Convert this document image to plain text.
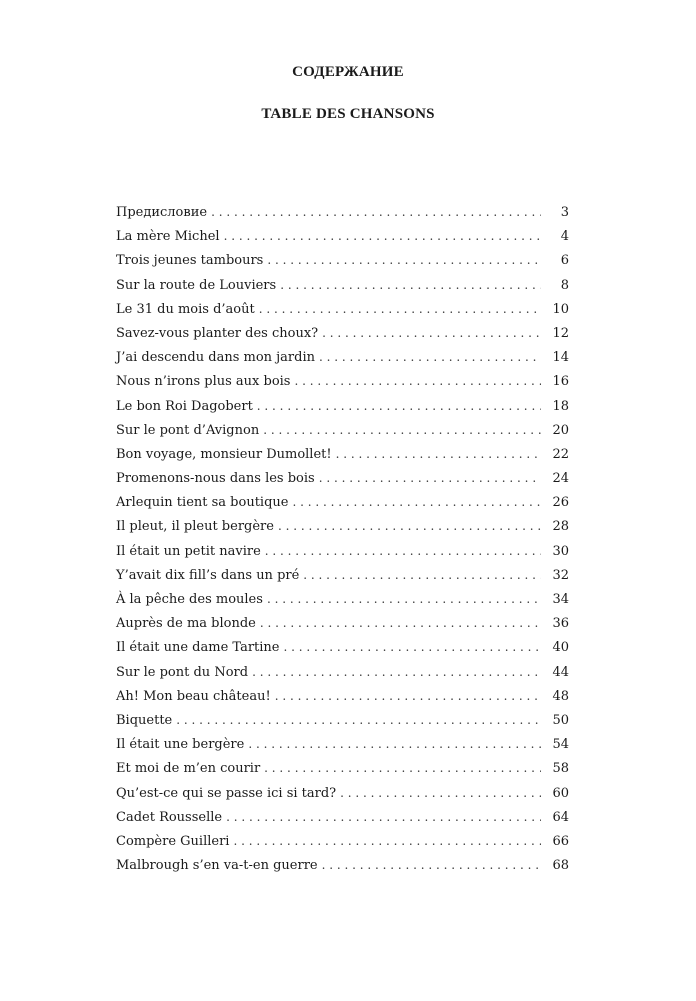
СОДЕРЖАНИЕ
TABLE DES CHANSONS
Предисловие . . .	3
La mère Michel . . .	4
Trois jeunes tambours . . .	6
Sur la route de Louviers . . .	8
Le 31 du mois d’août . . .	10
Savez-vous planter des choux? . . .	12
J’ai descendu dans mon jardin . . .	14
Nous n’irons plus aux bois . . .	16
Le bon Roi Dagobert . . .	18
Sur le pont d’Avignon . . .	20
Bon voyage, monsieur Dumollet! . . .	22
Promenons-nous dans les bois . . .	24
Arlequin tient sa boutique . . .	26
Il pleut, il pleut bergère . . .	28
Il était un petit navire . . .	30
Y’avait dix fill’s dans un pré . . .	32
À la pêche des moules . . .	34
Auprès de ma blonde . . .	36
Il était une dame Tartine . . .	40
Sur le pont du Nord . . .	44
Ah! Mon beau château! . . .	48
Biquette . . .	50
Il était une bergère . . .	54
Et moi de m’en courir . . .	58
Qu’est-ce qui se passe ici si tard? . . .	60
Cadet Rousselle . . .	64
Compère Guilleri . . .	66
Malbrough s’en va-t-en guerre . . .	68
